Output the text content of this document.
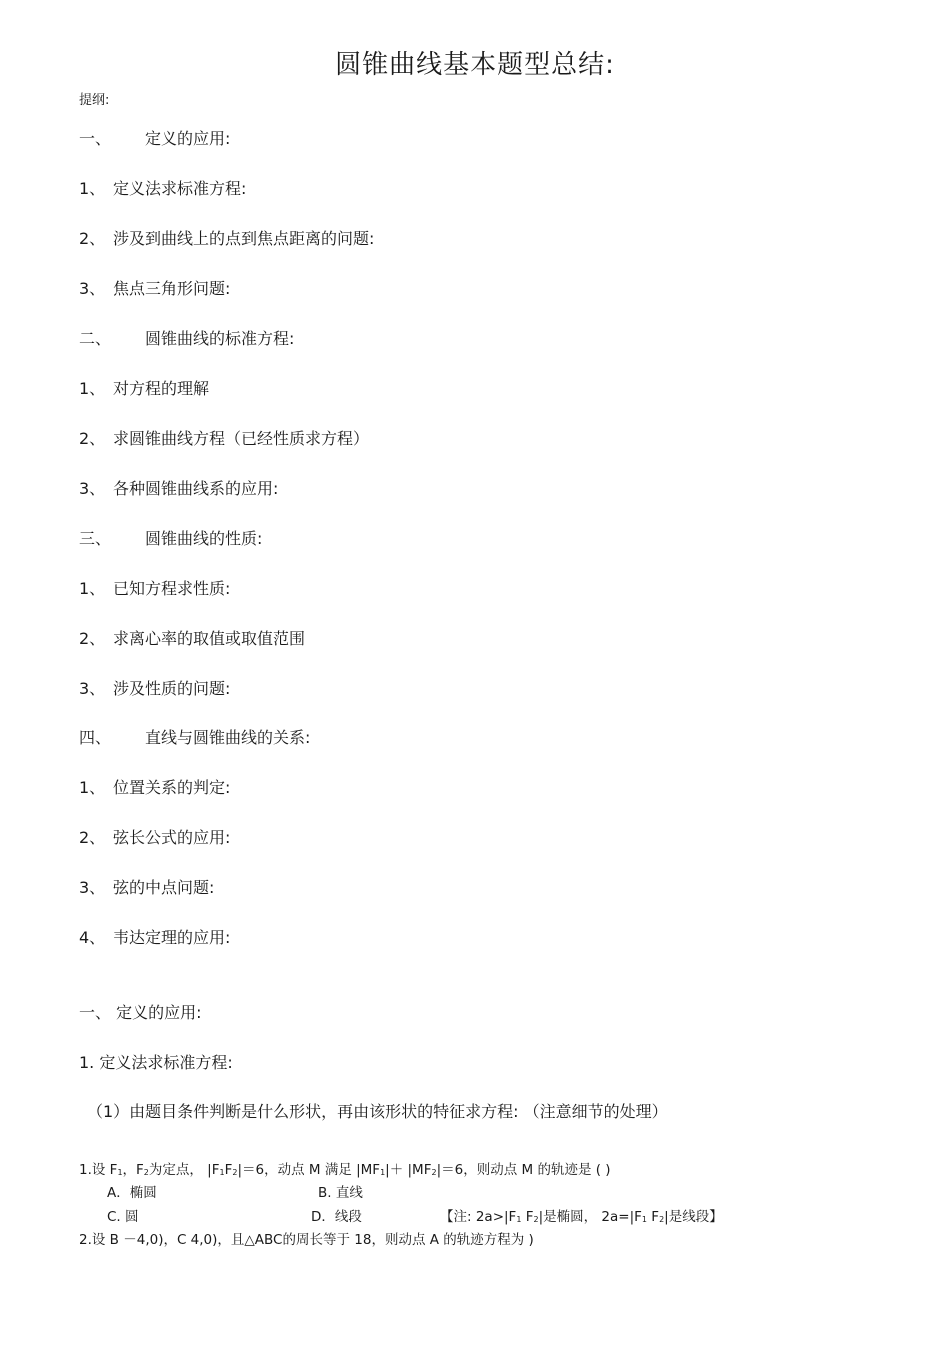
圆锥曲线基本题型总结:
提纲:
一、 定义的应用:
1、 定义法求标准方程:
2、 涉及到曲线上的点到焦点距离的问题:
3、 焦点三角形问题:
二、 圆锥曲线的标准方程:
1、 对方程的理解
2、 求圆锥曲线方程（已经性质求方程）
3、 各种圆锥曲线系的应用:
三、 圆锥曲线的性质:
1、 已知方程求性质:
2、 求离心率的取值或取值范围
3、 涉及性质的问题:
四、 直线与圆锥曲线的关系:
1、 位置关系的判定:
2、 弦长公式的应用:
3、 弦的中点问题:
4、 韦达定理的应用:
一、 定义的应用:
1. 定义法求标准方程:
（1）由题目条件判断是什么形状，再由该形状的特征求方程: （注意细节的处理）
1.设 $F_1$，$F_2$为定点， $|F_1F_2|=6$，动点 M 满足 $|MF_1|+ |MF_2|=6$，则动点 M 的轨迹是 ( )
A．椭圆	B. 直线
C. 圆	D．线段	【注: $2a>|F_1$ $F_2|$是椭圆， $2a=|F_1$ $F_2|$是线段】
2.设 B －4,0)，C 4,0)，且△ABC的周长等于 18，则动点 A 的轨迹方程为 )
